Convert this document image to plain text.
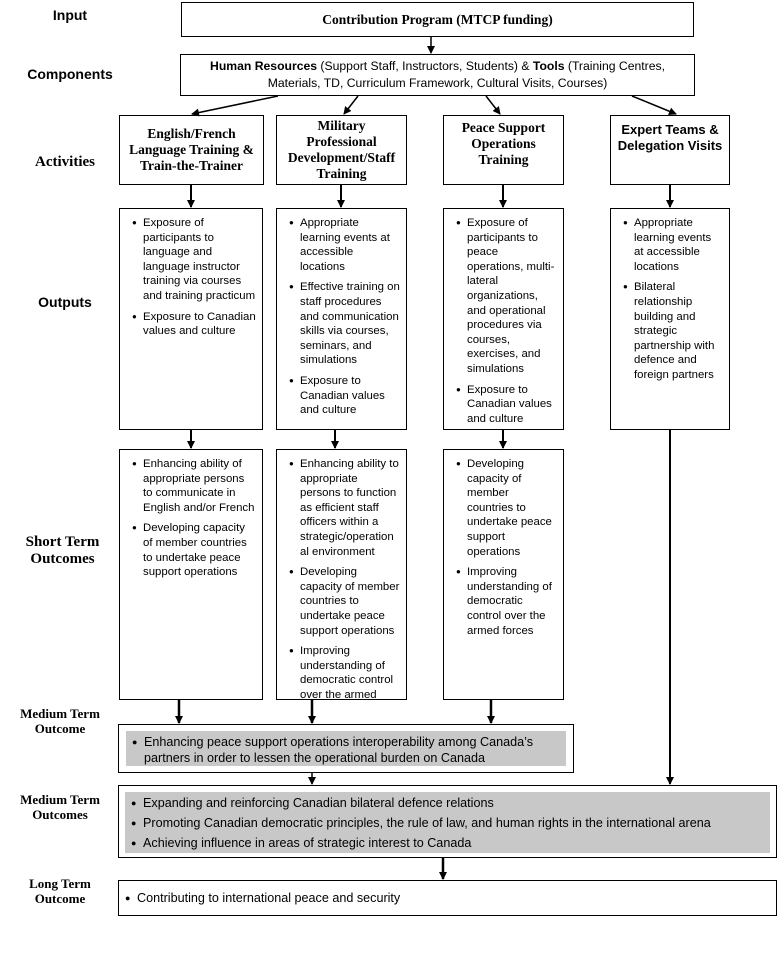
Input
Components
Activities
Outputs
Short Term Outcomes
Medium Term Outcome
Medium Term Outcomes
Long Term Outcome
Contribution Program (MTCP funding)
Human Resources (Support Staff, Instructors, Students) & Tools (Training Centres, Materials, TD, Curriculum Framework, Cultural Visits, Courses)
English/French Language Training & Train-the-Trainer
Military Professional Development/Staff Training
Peace Support Operations Training
Expert Teams & Delegation Visits
● Exposure of participants to language and language instructor training via courses and training practicum
● Exposure to Canadian values and culture
● Appropriate learning events at accessible locations
● Effective training on staff procedures and communication skills via courses, seminars, and simulations
● Exposure to Canadian values and culture
● Exposure of participants to peace operations, multi-lateral organizations, and operational procedures via courses, exercises, and simulations
● Exposure to Canadian values and culture
● Appropriate learning events at accessible locations
● Bilateral relationship building and strategic partnership with defence and foreign partners
● Enhancing ability of appropriate persons to communicate in English and/or French
● Developing capacity of member countries to undertake peace support operations
● Enhancing ability to appropriate persons to function as efficient staff officers within a strategic/operation al environment
● Developing capacity of member countries to undertake peace support operations
● Improving understanding of democratic control over the armed
● Developing capacity of member countries to undertake peace support operations
● Improving understanding of democratic control over the armed forces
● Enhancing peace support operations interoperability among Canada’s partners in order to lessen the operational burden on Canada
● Expanding and reinforcing Canadian bilateral defence relations
● Promoting Canadian democratic principles, the rule of law, and human rights in the international arena
● Achieving influence in areas of strategic interest to Canada
● Contributing to international peace and security
